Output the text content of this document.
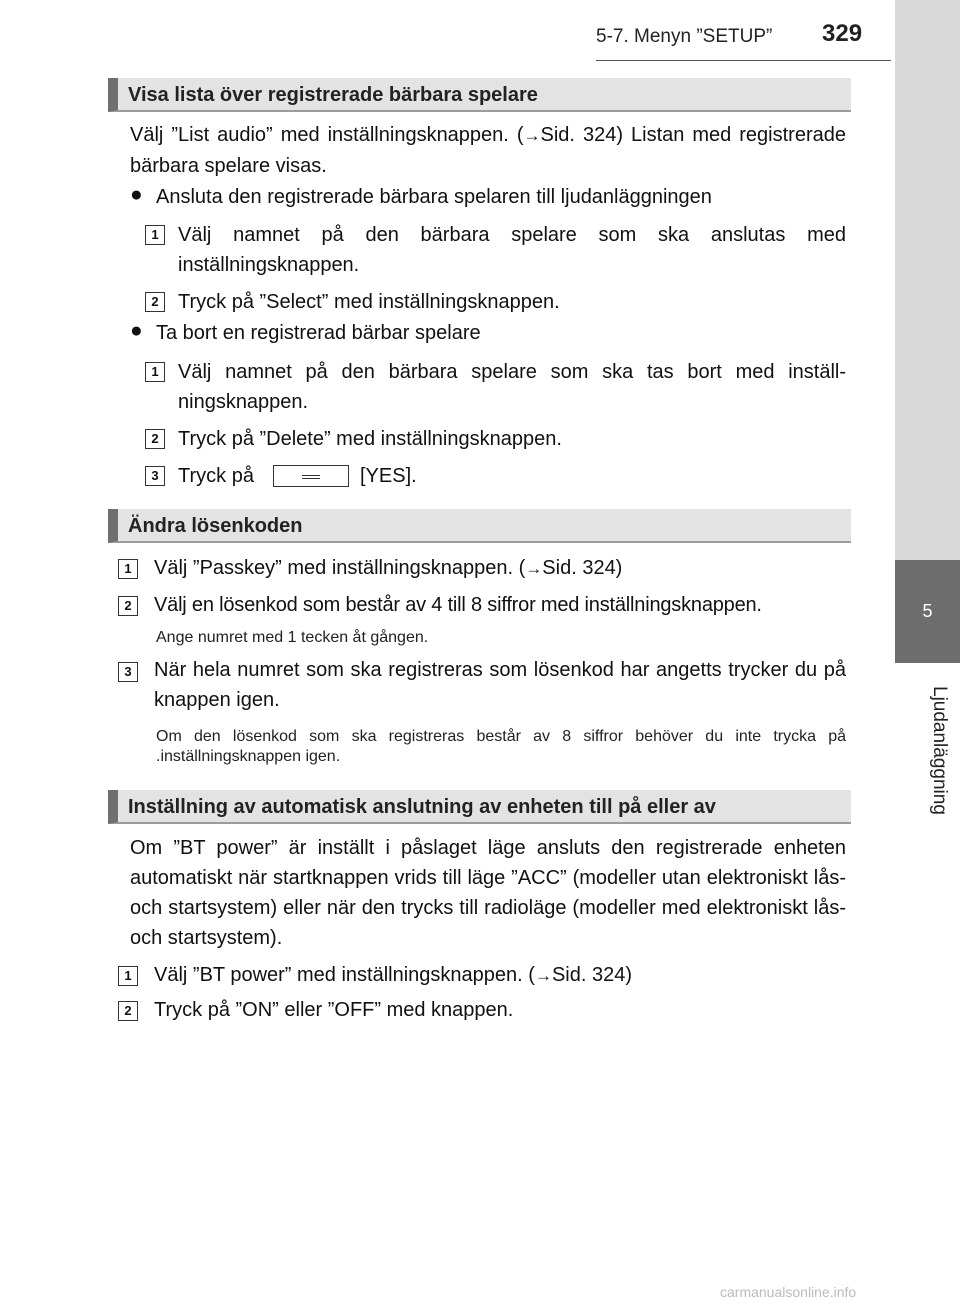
5-7. Menyn ”SETUP”	329
5
Ljudanläggning
Visa lista över registrerade bärbara spelare
Välj ”List audio” med inställningsknappen. (→Sid. 324) Listan med registrerade bärbara spelare visas.
● Ansluta den registrerade bärbara spelaren till ljudanläggningen
1 Välj namnet på den bärbara spelare som ska anslutas med inställningsknappen.
2 Tryck på ”Select” med inställningsknappen.
● Ta bort en registrerad bärbar spelare
1 Välj namnet på den bärbara spelare som ska tas bort med inställ-ningsknappen.
2 Tryck på ”Delete” med inställningsknappen.
3 Tryck på	[YES].
Ändra lösenkoden
1	Välj ”Passkey” med inställningsknappen. (→Sid. 324)
2	Välj en lösenkod som består av 4 till 8 siffror med inställningsknappen.
Ange numret med 1 tecken åt gången.
3	När hela numret som ska registreras som lösenkod har angetts trycker du på knappen igen.
Om den lösenkod som ska registreras består av 8 siffror behöver du inte trycka på .inställningsknappen igen.
Inställning av automatisk anslutning av enheten till på eller av
Om ”BT power” är inställt i påslaget läge ansluts den registrerade enheten automatiskt när startknappen vrids till läge ”ACC” (modeller utan elektroniskt lås- och startsystem) eller när den trycks till radioläge (modeller med elektroniskt lås- och startsystem).
1	Välj ”BT power” med inställningsknappen. (→Sid. 324)
2	Tryck på ”ON” eller ”OFF” med knappen.
carmanualsonline.info
